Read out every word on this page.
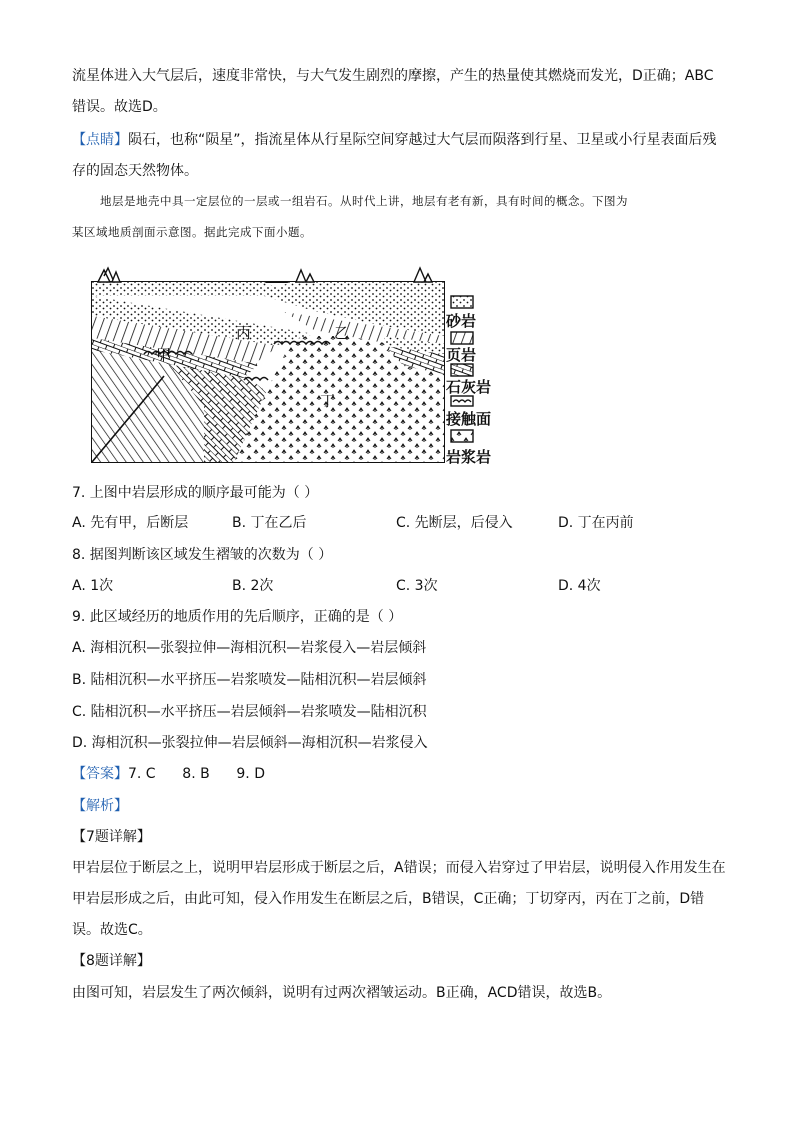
流星体进入大气层后，速度非常快，与大气发生剧烈的摩擦，产生的热量使其燃烧而发光，D正确；ABC
错误。故选D。
【点睛】陨石，也称“陨星”，指流星体从行星际空间穿越过大气层而陨落到行星、卫星或小行星表面后残
存的固态天然物体。
地层是地壳中具一定层位的一层或一组岩石。从时代上讲，地层有老有新，具有时间的概念。下图为
某区域地质剖面示意图。据此完成下面小题。
甲
乙
丙
丁
砂岩
页岩
石灰岩
接触面
岩浆岩
7. 上图中岩层形成的顺序最可能为（ ）
A. 先有甲，后断层	B. 丁在乙后	C. 先断层，后侵入	D. 丁在丙前
8. 据图判断该区域发生褶皱的次数为（ ）
A. 1次	B. 2次	C. 3次	D. 4次
9. 此区域经历的地质作用的先后顺序，正确的是（ ）
A. 海相沉积—张裂拉伸—海相沉积—岩浆侵入—岩层倾斜
B. 陆相沉积—水平挤压—岩浆喷发—陆相沉积—岩层倾斜
C. 陆相沉积—水平挤压—岩层倾斜—岩浆喷发—陆相沉积
D. 海相沉积—张裂拉伸—岩层倾斜—海相沉积—岩浆侵入
【答案】7. C      8. B      9. D
【解析】
【7题详解】
甲岩层位于断层之上，说明甲岩层形成于断层之后，A错误；而侵入岩穿过了甲岩层，说明侵入作用发生在
甲岩层形成之后，由此可知，侵入作用发生在断层之后，B错误，C正确；丁切穿丙，丙在丁之前，D错
误。故选C。
【8题详解】
由图可知，岩层发生了两次倾斜，说明有过两次褶皱运动。B正确，ACD错误，故选B。
